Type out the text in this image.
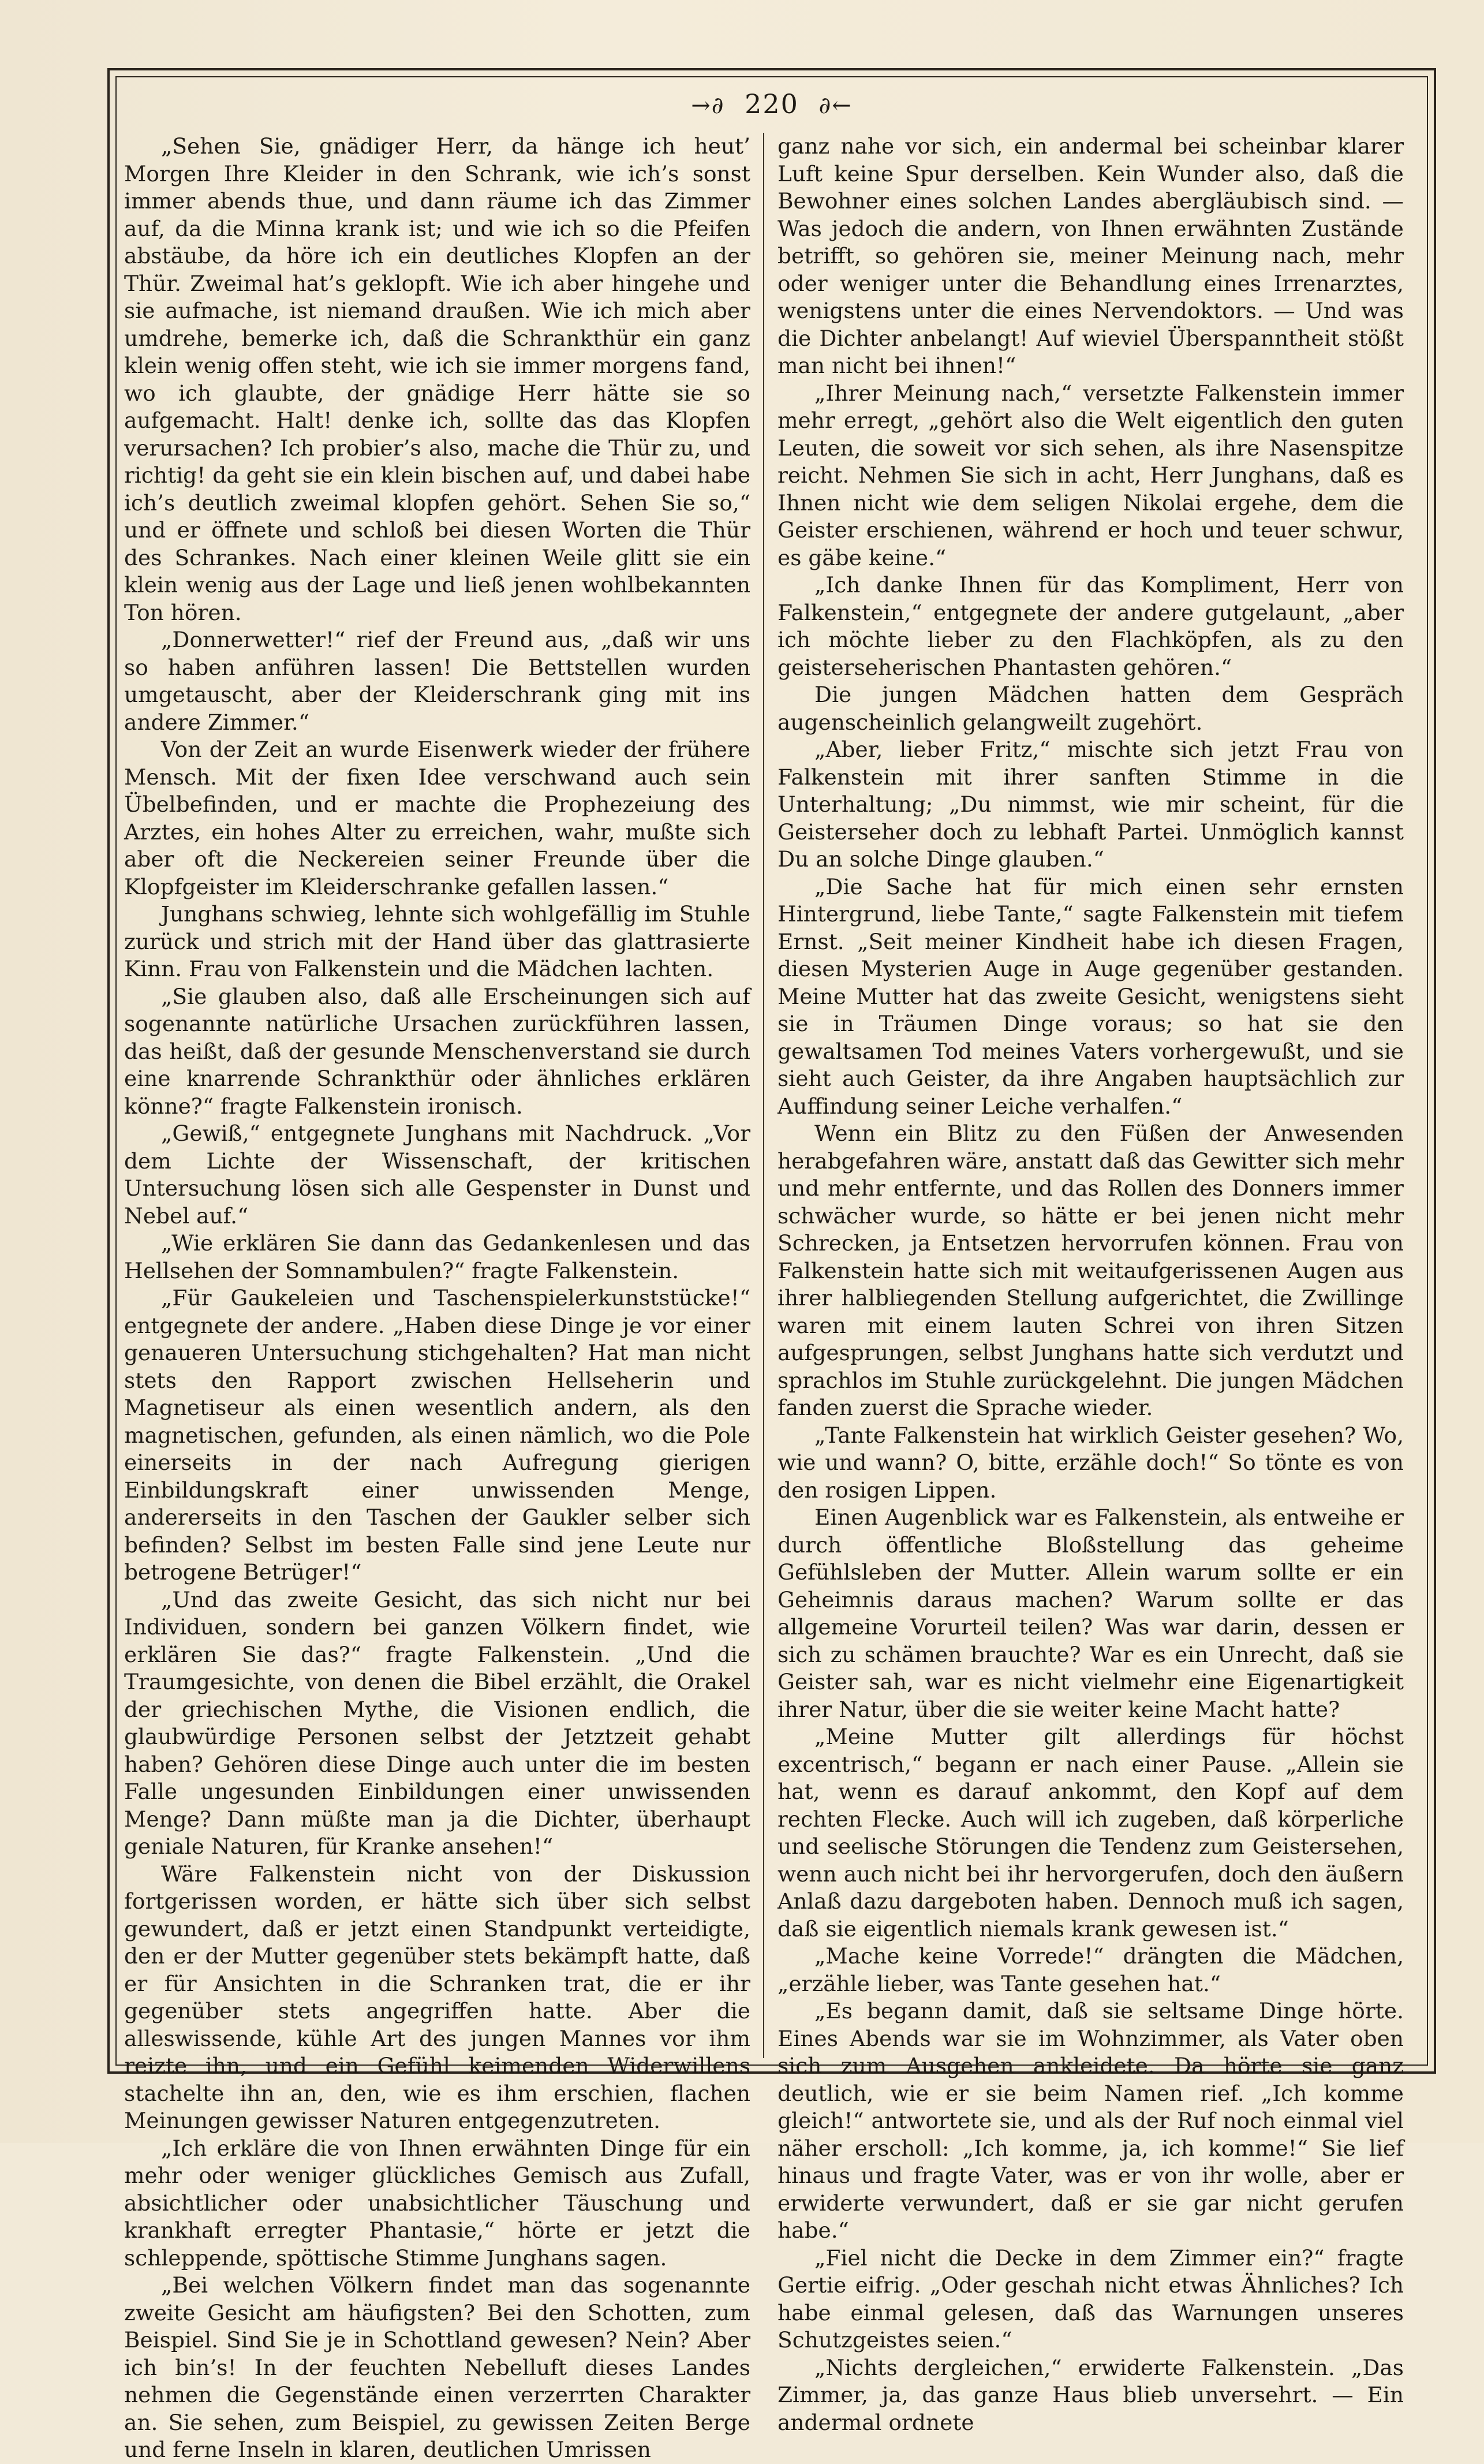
→∂ 220 ∂←

„Sehen Sie, gnädiger Herr, da hänge ich heut’ Morgen Ihre Kleider in den Schrank, wie ich’s sonst immer abends thue, und dann räume ich das Zimmer auf, da die Minna krank ist; und wie ich so die Pfeifen abstäube, da höre ich ein deutliches Klopfen an der Thür. Zweimal hat’s geklopft. Wie ich aber hingehe und sie aufmache, ist niemand draußen. Wie ich mich aber umdrehe, bemerke ich, daß die Schrankthür ein ganz klein wenig offen steht, wie ich sie immer morgens fand, wo ich glaubte, der gnädige Herr hätte sie so aufgemacht. Halt! denke ich, sollte das das Klopfen verursachen? Ich probier’s also, mache die Thür zu, und richtig! da geht sie ein klein bischen auf, und dabei habe ich’s deutlich zweimal klopfen gehört. Sehen Sie so,“ und er öffnete und schloß bei diesen Worten die Thür des Schrankes. Nach einer kleinen Weile glitt sie ein klein wenig aus der Lage und ließ jenen wohlbekannten Ton hören.

„Donnerwetter!“ rief der Freund aus, „daß wir uns so haben anführen lassen! Die Bettstellen wurden umgetauscht, aber der Kleiderschrank ging mit ins andere Zimmer.“

Von der Zeit an wurde Eisenwerk wieder der frühere Mensch. Mit der fixen Idee verschwand auch sein Übelbefinden, und er machte die Prophezeiung des Arztes, ein hohes Alter zu erreichen, wahr, mußte sich aber oft die Neckereien seiner Freunde über die Klopfgeister im Kleiderschranke gefallen lassen.“

Junghans schwieg, lehnte sich wohlgefällig im Stuhle zurück und strich mit der Hand über das glattrasierte Kinn. Frau von Falkenstein und die Mädchen lachten.

„Sie glauben also, daß alle Erscheinungen sich auf sogenannte natürliche Ursachen zurückführen lassen, das heißt, daß der gesunde Menschenverstand sie durch eine knarrende Schrankthür oder ähnliches erklären könne?“ fragte Falkenstein ironisch.

„Gewiß,“ entgegnete Junghans mit Nachdruck. „Vor dem Lichte der Wissenschaft, der kritischen Untersuchung lösen sich alle Gespenster in Dunst und Nebel auf.“

„Wie erklären Sie dann das Gedankenlesen und das Hellsehen der Somnambulen?“ fragte Falkenstein.

„Für Gaukeleien und Taschenspielerkunststücke!“ entgegnete der andere. „Haben diese Dinge je vor einer genaueren Untersuchung stichgehalten? Hat man nicht stets den Rapport zwischen Hellseherin und Magnetiseur als einen wesentlich andern, als den magnetischen, gefunden, als einen nämlich, wo die Pole einerseits in der nach Aufregung gierigen Einbildungskraft einer unwissenden Menge, andererseits in den Taschen der Gaukler selber sich befinden? Selbst im besten Falle sind jene Leute nur betrogene Betrüger!“

„Und das zweite Gesicht, das sich nicht nur bei Individuen, sondern bei ganzen Völkern findet, wie erklären Sie das?“ fragte Falkenstein. „Und die Traumgesichte, von denen die Bibel erzählt, die Orakel der griechischen Mythe, die Visionen endlich, die glaubwürdige Personen selbst der Jetztzeit gehabt haben? Gehören diese Dinge auch unter die im besten Falle ungesunden Einbildungen einer unwissenden Menge? Dann müßte man ja die Dichter, überhaupt geniale Naturen, für Kranke ansehen!“

Wäre Falkenstein nicht von der Diskussion fortgerissen worden, er hätte sich über sich selbst gewundert, daß er jetzt einen Standpunkt verteidigte, den er der Mutter gegenüber stets bekämpft hatte, daß er für Ansichten in die Schranken trat, die er ihr gegenüber stets angegriffen hatte. Aber die alleswissende, kühle Art des jungen Mannes vor ihm reizte ihn, und ein Gefühl keimenden Widerwillens stachelte ihn an, den, wie es ihm erschien, flachen Meinungen gewisser Naturen entgegenzutreten.

„Ich erkläre die von Ihnen erwähnten Dinge für ein mehr oder weniger glückliches Gemisch aus Zufall, absichtlicher oder unabsichtlicher Täuschung und krankhaft erregter Phantasie,“ hörte er jetzt die schleppende, spöttische Stimme Junghans sagen.

„Bei welchen Völkern findet man das sogenannte zweite Gesicht am häufigsten? Bei den Schotten, zum Beispiel. Sind Sie je in Schottland gewesen? Nein? Aber ich bin’s! In der feuchten Nebelluft dieses Landes nehmen die Gegenstände einen verzerrten Charakter an. Sie sehen, zum Beispiel, zu gewissen Zeiten Berge und ferne Inseln in klaren, deutlichen Umrissen

ganz nahe vor sich, ein andermal bei scheinbar klarer Luft keine Spur derselben. Kein Wunder also, daß die Bewohner eines solchen Landes abergläubisch sind. — Was jedoch die andern, von Ihnen erwähnten Zustände betrifft, so gehören sie, meiner Meinung nach, mehr oder weniger unter die Behandlung eines Irrenarztes, wenigstens unter die eines Nervendoktors. — Und was die Dichter anbelangt! Auf wieviel Überspanntheit stößt man nicht bei ihnen!“

„Ihrer Meinung nach,“ versetzte Falkenstein immer mehr erregt, „gehört also die Welt eigentlich den guten Leuten, die soweit vor sich sehen, als ihre Nasenspitze reicht. Nehmen Sie sich in acht, Herr Junghans, daß es Ihnen nicht wie dem seligen Nikolai ergehe, dem die Geister erschienen, während er hoch und teuer schwur, es gäbe keine.“

„Ich danke Ihnen für das Kompliment, Herr von Falkenstein,“ entgegnete der andere gutgelaunt, „aber ich möchte lieber zu den Flachköpfen, als zu den geisterseherischen Phantasten gehören.“

Die jungen Mädchen hatten dem Gespräch augenscheinlich gelangweilt zugehört.

„Aber, lieber Fritz,“ mischte sich jetzt Frau von Falkenstein mit ihrer sanften Stimme in die Unterhaltung; „Du nimmst, wie mir scheint, für die Geisterseher doch zu lebhaft Partei. Unmöglich kannst Du an solche Dinge glauben.“

„Die Sache hat für mich einen sehr ernsten Hintergrund, liebe Tante,“ sagte Falkenstein mit tiefem Ernst. „Seit meiner Kindheit habe ich diesen Fragen, diesen Mysterien Auge in Auge gegenüber gestanden. Meine Mutter hat das zweite Gesicht, wenigstens sieht sie in Träumen Dinge voraus; so hat sie den gewaltsamen Tod meines Vaters vorhergewußt, und sie sieht auch Geister, da ihre Angaben hauptsächlich zur Auffindung seiner Leiche verhalfen.“

Wenn ein Blitz zu den Füßen der Anwesenden herabgefahren wäre, anstatt daß das Gewitter sich mehr und mehr entfernte, und das Rollen des Donners immer schwächer wurde, so hätte er bei jenen nicht mehr Schrecken, ja Entsetzen hervorrufen können. Frau von Falkenstein hatte sich mit weitaufgerissenen Augen aus ihrer halbliegenden Stellung aufgerichtet, die Zwillinge waren mit einem lauten Schrei von ihren Sitzen aufgesprungen, selbst Junghans hatte sich verdutzt und sprachlos im Stuhle zurückgelehnt. Die jungen Mädchen fanden zuerst die Sprache wieder.

„Tante Falkenstein hat wirklich Geister gesehen? Wo, wie und wann? O, bitte, erzähle doch!“ So tönte es von den rosigen Lippen.

Einen Augenblick war es Falkenstein, als entweihe er durch öffentliche Bloßstellung das geheime Gefühlsleben der Mutter. Allein warum sollte er ein Geheimnis daraus machen? Warum sollte er das allgemeine Vorurteil teilen? Was war darin, dessen er sich zu schämen brauchte? War es ein Unrecht, daß sie Geister sah, war es nicht vielmehr eine Eigenartigkeit ihrer Natur, über die sie weiter keine Macht hatte?

„Meine Mutter gilt allerdings für höchst excentrisch,“ begann er nach einer Pause. „Allein sie hat, wenn es darauf ankommt, den Kopf auf dem rechten Flecke. Auch will ich zugeben, daß körperliche und seelische Störungen die Tendenz zum Geistersehen, wenn auch nicht bei ihr hervorgerufen, doch den äußern Anlaß dazu dargeboten haben. Dennoch muß ich sagen, daß sie eigentlich niemals krank gewesen ist.“

„Mache keine Vorrede!“ drängten die Mädchen, „erzähle lieber, was Tante gesehen hat.“

„Es begann damit, daß sie seltsame Dinge hörte. Eines Abends war sie im Wohnzimmer, als Vater oben sich zum Ausgehen ankleidete. Da hörte sie ganz deutlich, wie er sie beim Namen rief. „Ich komme gleich!“ antwortete sie, und als der Ruf noch einmal viel näher erscholl: „Ich komme, ja, ich komme!“ Sie lief hinaus und fragte Vater, was er von ihr wolle, aber er erwiderte verwundert, daß er sie gar nicht gerufen habe.“

„Fiel nicht die Decke in dem Zimmer ein?“ fragte Gertie eifrig. „Oder geschah nicht etwas Ähnliches? Ich habe einmal gelesen, daß das Warnungen unseres Schutzgeistes seien.“

„Nichts dergleichen,“ erwiderte Falkenstein. „Das Zimmer, ja, das ganze Haus blieb unversehrt. — Ein andermal ordnete
